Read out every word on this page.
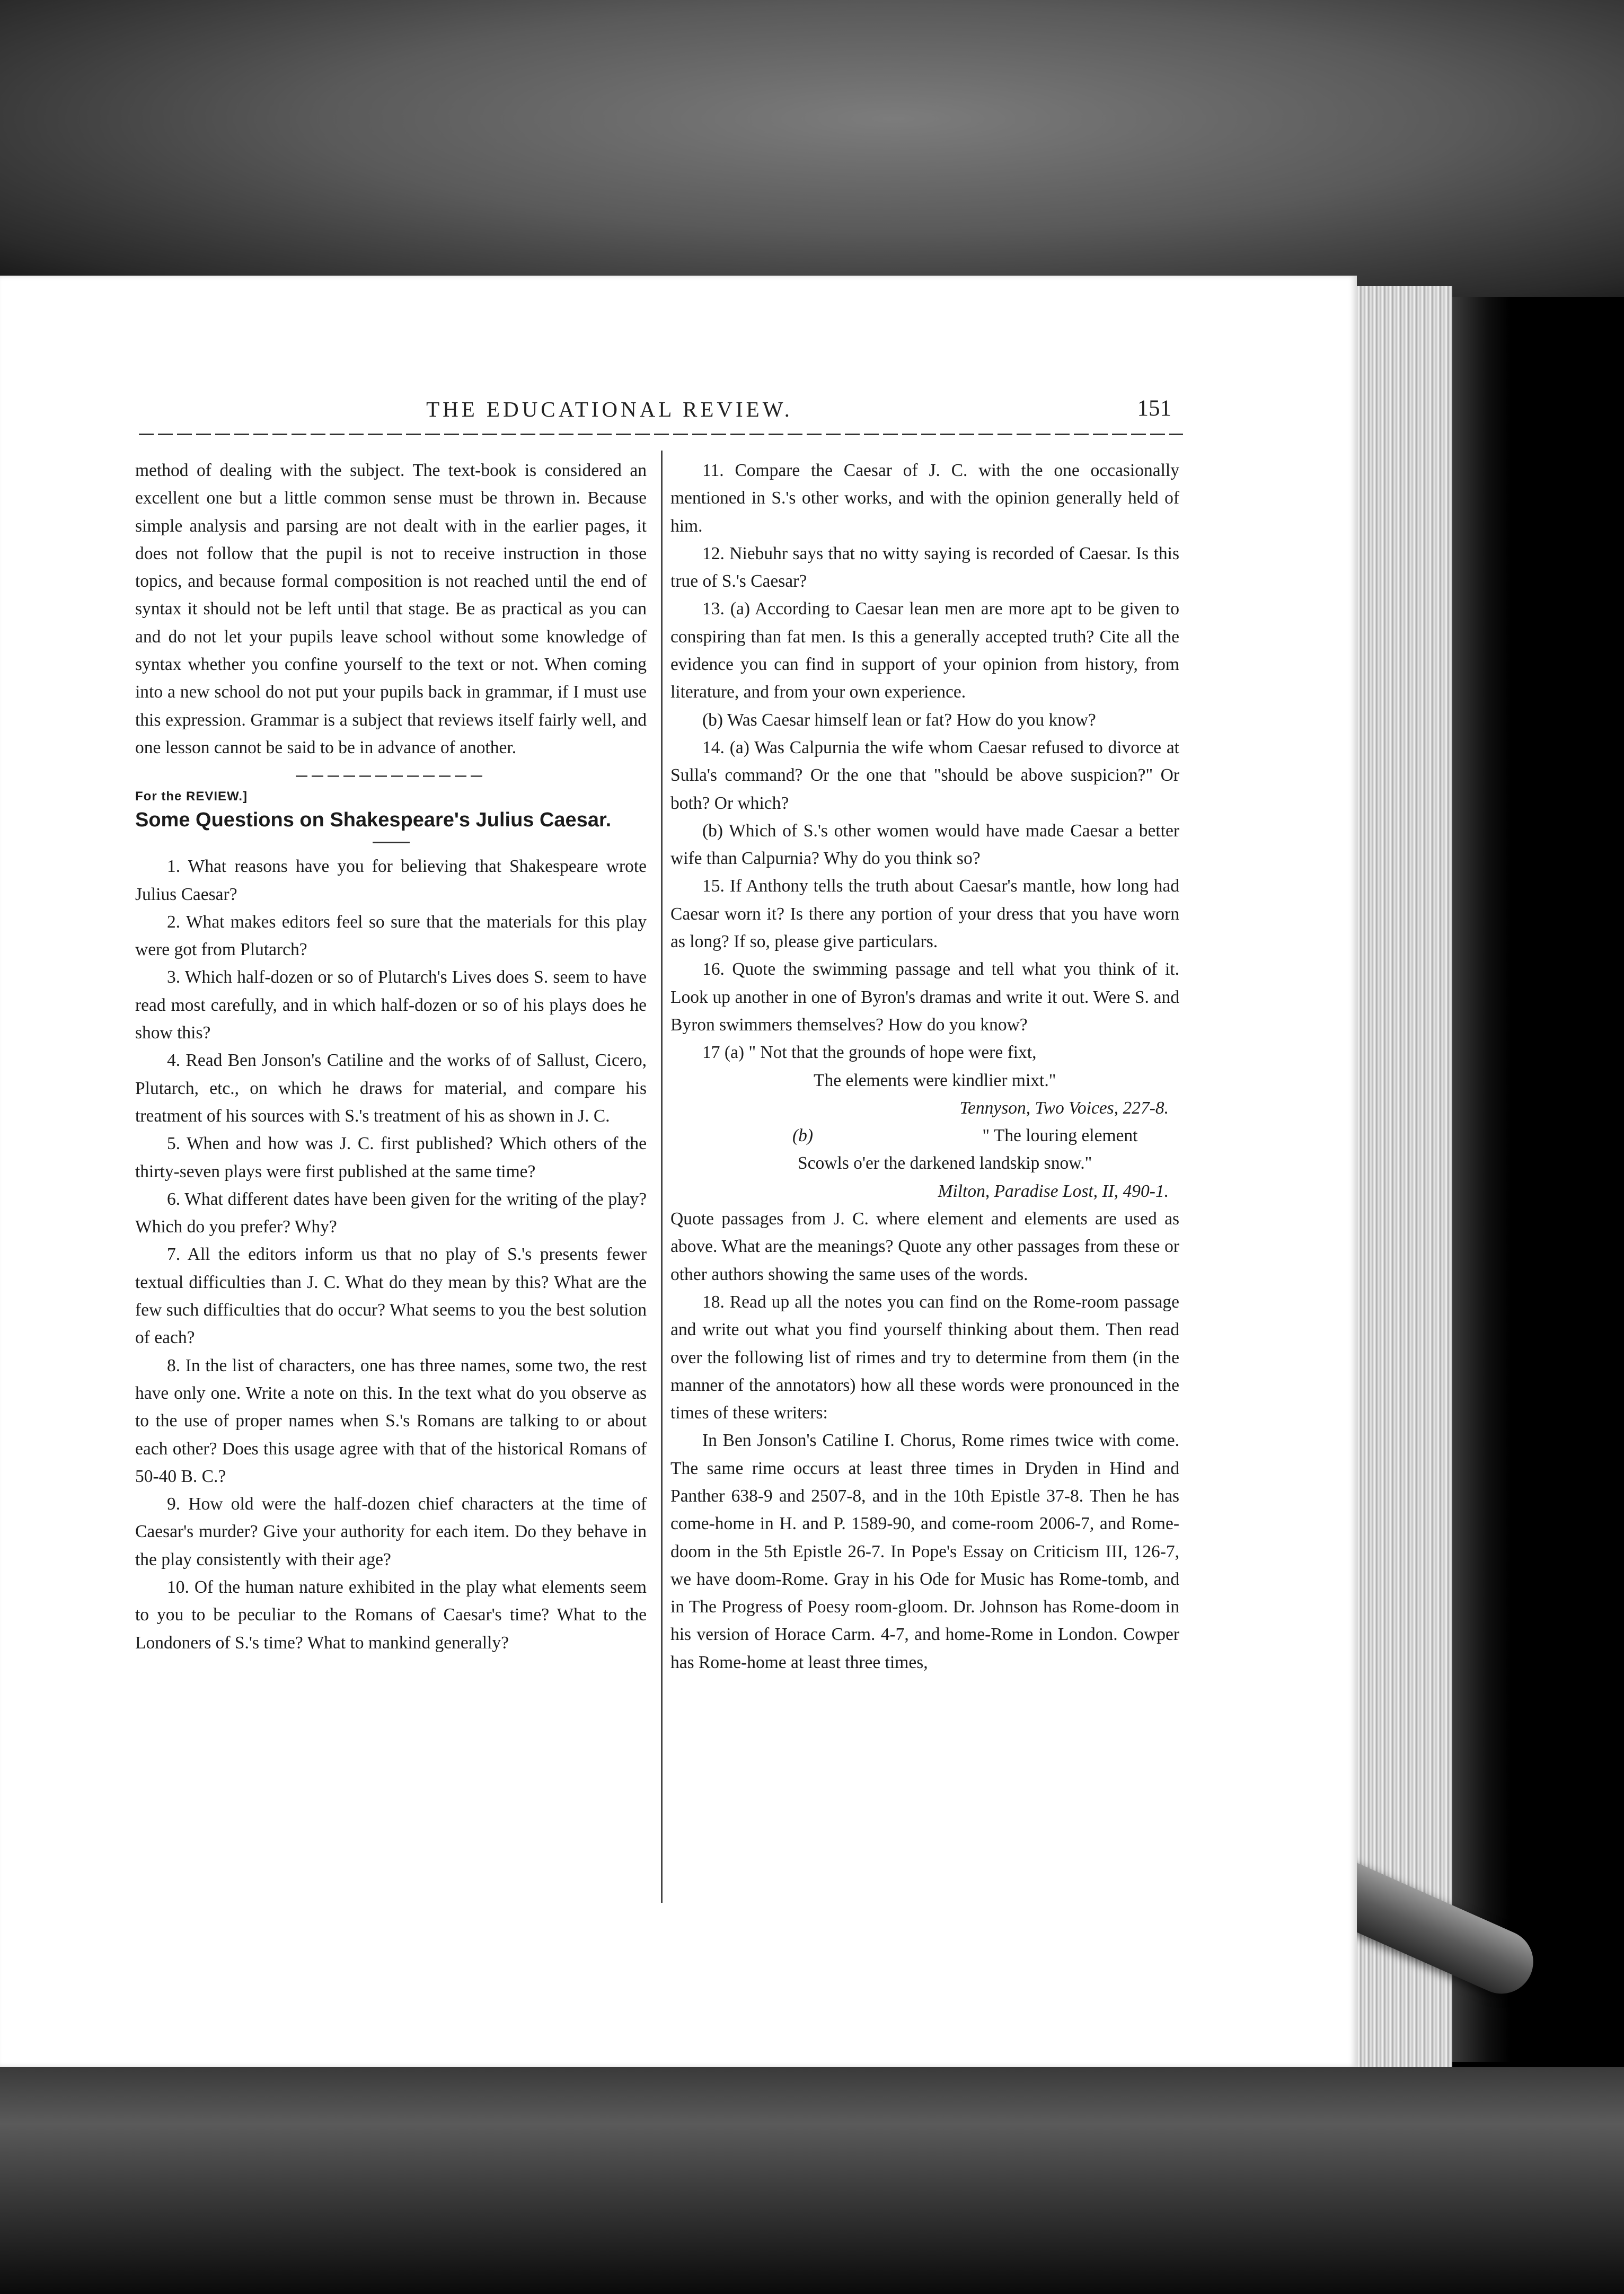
THE EDUCATIONAL REVIEW.	151

method of dealing with the subject. The text-book is considered an excellent one but a little common sense must be thrown in. Because simple analysis and parsing are not dealt with in the earlier pages, it does not follow that the pupil is not to receive instruction in those topics, and because formal composition is not reached until the end of syntax it should not be left until that stage. Be as practical as you can and do not let your pupils leave school without some knowledge of syntax whether you confine yourself to the text or not. When coming into a new school do not put your pupils back in grammar, if I must use this expression. Grammar is a subject that reviews itself fairly well, and one lesson cannot be said to be in advance of another.

For the REVIEW.]

Some Questions on Shakespeare's Julius Caesar.

1. What reasons have you for believing that Shakespeare wrote Julius Caesar?

2. What makes editors feel so sure that the materials for this play were got from Plutarch?

3. Which half-dozen or so of Plutarch's Lives does S. seem to have read most carefully, and in which half-dozen or so of his plays does he show this?

4. Read Ben Jonson's Catiline and the works of of Sallust, Cicero, Plutarch, etc., on which he draws for material, and compare his treatment of his sources with S.'s treatment of his as shown in J. C.

5. When and how was J. C. first published? Which others of the thirty-seven plays were first published at the same time?

6. What different dates have been given for the writing of the play? Which do you prefer? Why?

7. All the editors inform us that no play of S.'s presents fewer textual difficulties than J. C. What do they mean by this? What are the few such difficulties that do occur? What seems to you the best solution of each?

8. In the list of characters, one has three names, some two, the rest have only one. Write a note on this. In the text what do you observe as to the use of proper names when S.'s Romans are talking to or about each other? Does this usage agree with that of the historical Romans of 50-40 B. C.?

9. How old were the half-dozen chief characters at the time of Caesar's murder? Give your authority for each item. Do they behave in the play consistently with their age?

10. Of the human nature exhibited in the play what elements seem to you to be peculiar to the Romans of Caesar's time? What to the Londoners of S.'s time? What to mankind generally?

11. Compare the Caesar of J. C. with the one occasionally mentioned in S.'s other works, and with the opinion generally held of him.

12. Niebuhr says that no witty saying is recorded of Caesar. Is this true of S.'s Caesar?

13. (a) According to Caesar lean men are more apt to be given to conspiring than fat men. Is this a generally accepted truth? Cite all the evidence you can find in support of your opinion from history, from literature, and from your own experience.

(b) Was Caesar himself lean or fat? How do you know?

14. (a) Was Calpurnia the wife whom Caesar refused to divorce at Sulla's command? Or the one that "should be above suspicion?" Or both? Or which?

(b) Which of S.'s other women would have made Caesar a better wife than Calpurnia? Why do you think so?

15. If Anthony tells the truth about Caesar's mantle, how long had Caesar worn it? Is there any portion of your dress that you have worn as long? If so, please give particulars.

16. Quote the swimming passage and tell what you think of it. Look up another in one of Byron's dramas and write it out. Were S. and Byron swimmers themselves? How do you know?

17 (a) " Not that the grounds of hope were fixt,

The elements were kindlier mixt."

Tennyson, Two Voices, 227-8.

(b)	" The louring element

Scowls o'er the darkened landskip snow."

Milton, Paradise Lost, II, 490-1.

Quote passages from J. C. where element and elements are used as above. What are the meanings? Quote any other passages from these or other authors showing the same uses of the words.

18. Read up all the notes you can find on the Rome-room passage and write out what you find yourself thinking about them. Then read over the following list of rimes and try to determine from them (in the manner of the annotators) how all these words were pronounced in the times of these writers:

In Ben Jonson's Catiline I. Chorus, Rome rimes twice with come. The same rime occurs at least three times in Dryden in Hind and Panther 638-9 and 2507-8, and in the 10th Epistle 37-8. Then he has come-home in H. and P. 1589-90, and come-room 2006-7, and Rome-doom in the 5th Epistle 26-7. In Pope's Essay on Criticism III, 126-7, we have doom-Rome. Gray in his Ode for Music has Rome-tomb, and in The Progress of Poesy room-gloom. Dr. Johnson has Rome-doom in his version of Horace Carm. 4-7, and home-Rome in London. Cowper has Rome-home at least three times,
